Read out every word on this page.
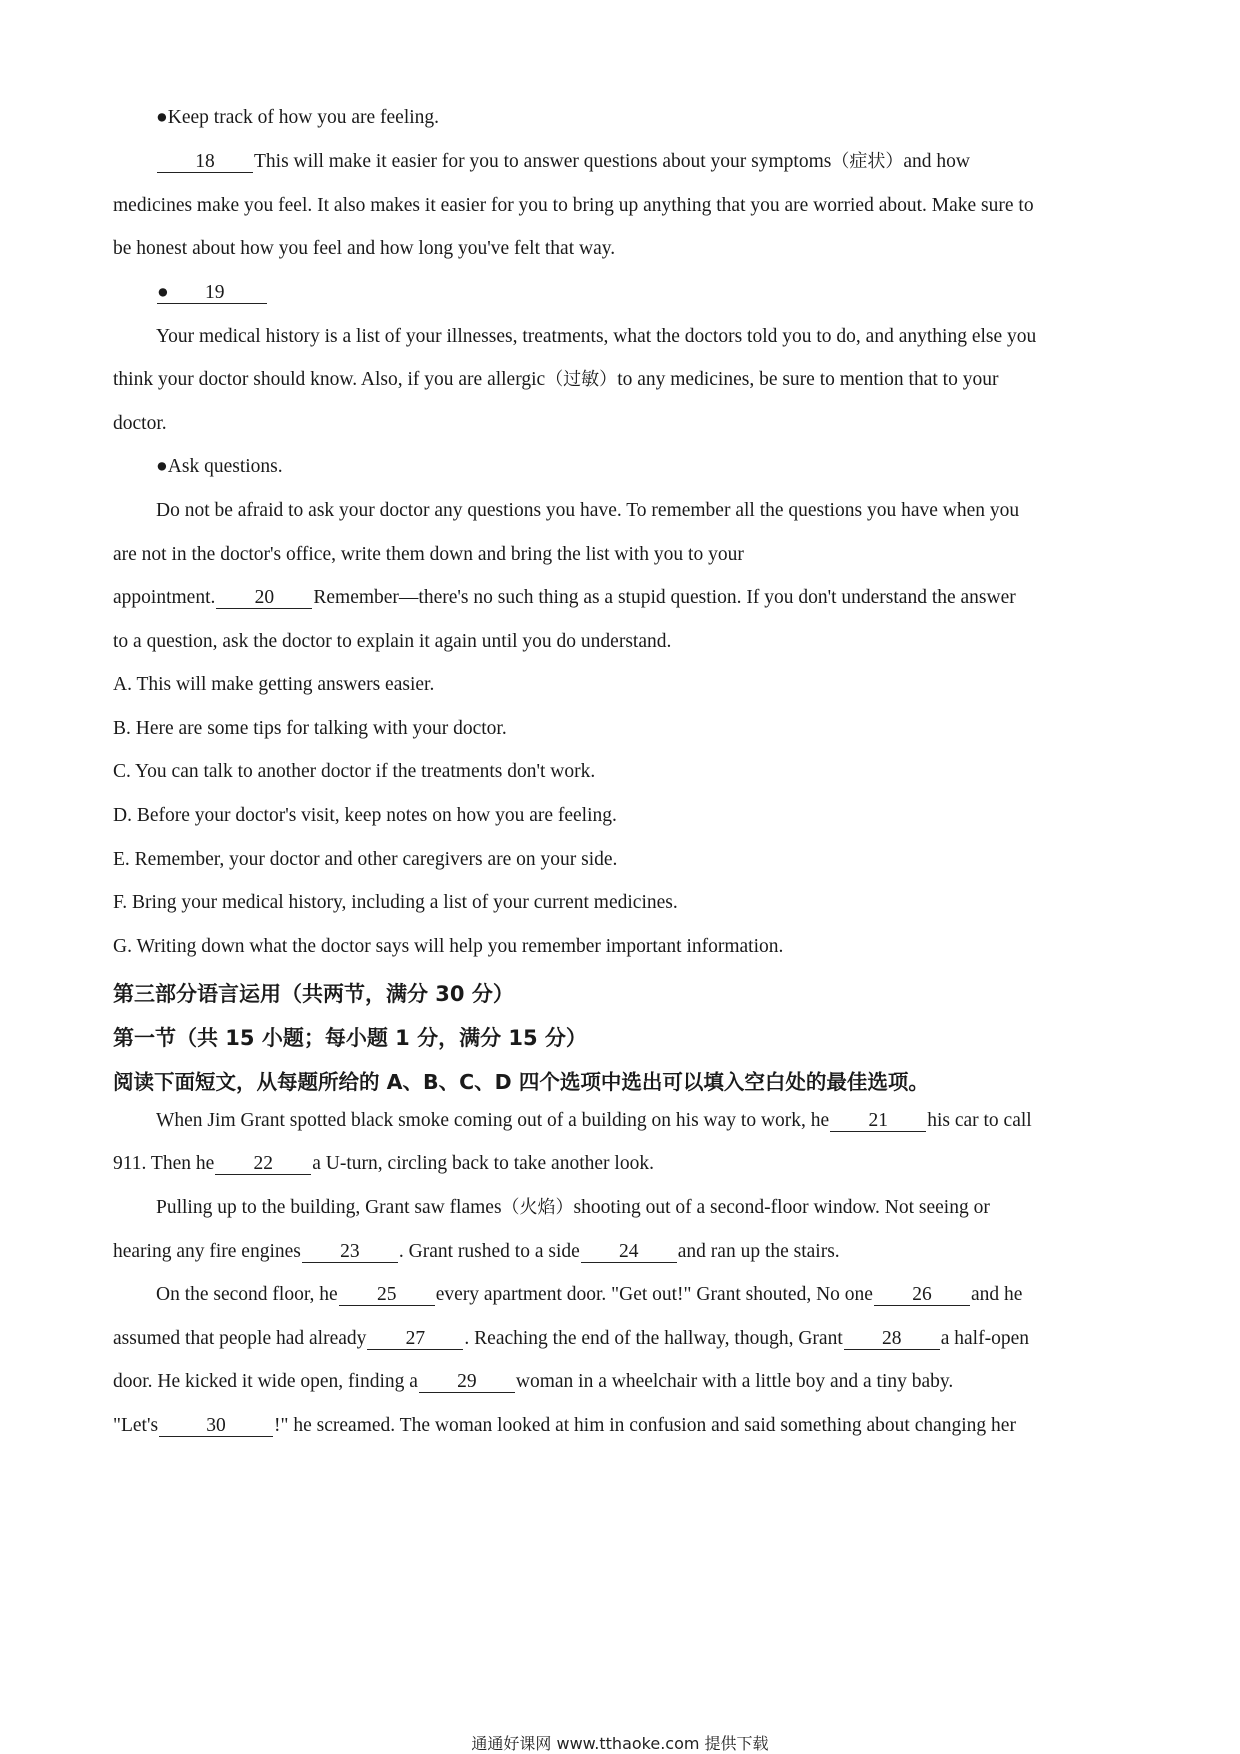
●Keep track of how you are feeling.
18 This will make it easier for you to answer questions about your symptoms（症状）and how
medicines make you feel. It also makes it easier for you to bring up anything that you are worried about. Make sure to
be honest about how you feel and how long you've felt that way.
● 19
Your medical history is a list of your illnesses, treatments, what the doctors told you to do, and anything else you
think your doctor should know. Also, if you are allergic（过敏）to any medicines, be sure to mention that to your
doctor.
●Ask questions.
Do not be afraid to ask your doctor any questions you have. To remember all the questions you have when you
are not in the doctor's office, write them down and bring the list with you to your
appointment. 20 Remember—there's no such thing as a stupid question. If you don't understand the answer
to a question, ask the doctor to explain it again until you do understand.
A. This will make getting answers easier.
B. Here are some tips for talking with your doctor.
C. You can talk to another doctor if the treatments don't work.
D. Before your doctor's visit, keep notes on how you are feeling.
E. Remember, your doctor and other caregivers are on your side.
F. Bring your medical history, including a list of your current medicines.
G. Writing down what the doctor says will help you remember important information.
第三部分语言运用（共两节，满分 30 分）
第一节（共 15 小题；每小题 1 分，满分 15 分）
阅读下面短文，从每题所给的 A、B、C、D 四个选项中选出可以填入空白处的最佳选项。
When Jim Grant spotted black smoke coming out of a building on his way to work, he 21 his car to call
911. Then he 22 a U-turn, circling back to take another look.
Pulling up to the building, Grant saw flames（火焰）shooting out of a second-floor window. Not seeing or
hearing any fire engines 23 . Grant rushed to a side 24 and ran up the stairs.
On the second floor, he 25 every apartment door. "Get out!" Grant shouted, No one 26 and he
assumed that people had already 27 . Reaching the end of the hallway, though, Grant 28 a half-open
door. He kicked it wide open, finding a 29 woman in a wheelchair with a little boy and a tiny baby.
"Let's 30 !" he screamed. The woman looked at him in confusion and said something about changing her
通通好课网 www.tthaoke.com 提供下载
